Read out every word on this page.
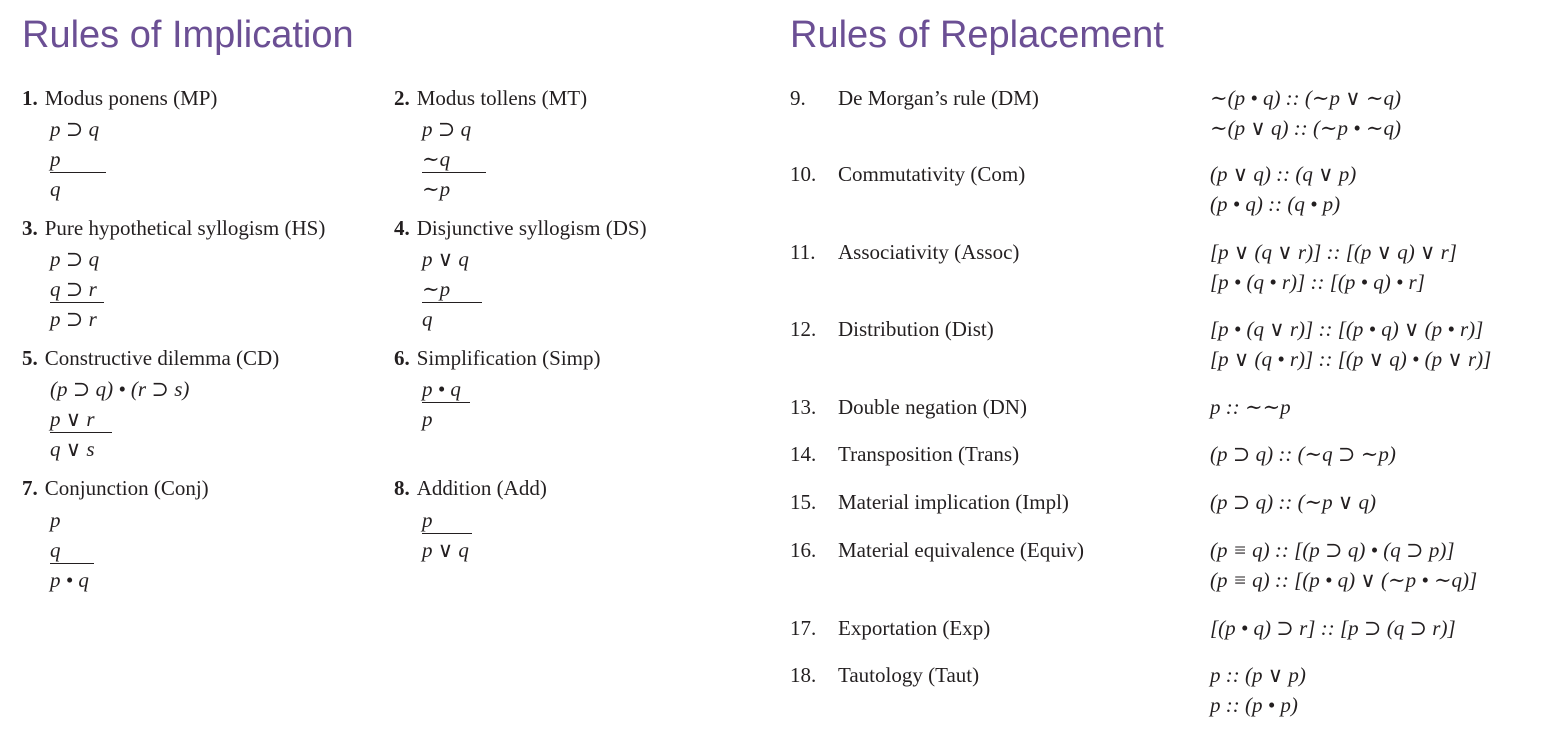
Rules of Implication
1. Modus ponens (MP)
p ⊃ q
p
q
2. Modus tollens (MT)
p ⊃ q
∼q
∼p
3. Pure hypothetical syllogism (HS)
p ⊃ q
q ⊃ r
p ⊃ r
4. Disjunctive syllogism (DS)
p ∨ q
∼p
q
5. Constructive dilemma (CD)
(p ⊃ q) • (r ⊃ s)
p ∨ r
q ∨ s
6. Simplification (Simp)
p • q
p
7. Conjunction (Conj)
p
q
p • q
8. Addition (Add)
p
p ∨ q
Rules of Replacement
9. De Morgan’s rule (DM)	∼(p • q) :: (∼p ∨ ∼q)
∼(p ∨ q) :: (∼p • ∼q)
10. Commutativity (Com)	(p ∨ q) :: (q ∨ p)
(p • q) :: (q • p)
11. Associativity (Assoc)	[p ∨ (q ∨ r)] :: [(p ∨ q) ∨ r]
[p • (q • r)] :: [(p • q) • r]
12. Distribution (Dist)	[p • (q ∨ r)] :: [(p • q) ∨ (p • r)]
[p ∨ (q • r)] :: [(p ∨ q) • (p ∨ r)]
13. Double negation (DN)	p :: ∼∼p
14. Transposition (Trans)	(p ⊃ q) :: (∼q ⊃ ∼p)
15. Material implication (Impl)	(p ⊃ q) :: (∼p ∨ q)
16. Material equivalence (Equiv)	(p ≡ q) :: [(p ⊃ q) • (q ⊃ p)]
(p ≡ q) :: [(p • q) ∨ (∼p • ∼q)]
17. Exportation (Exp)	[(p • q) ⊃ r] :: [p ⊃ (q ⊃ r)]
18. Tautology (Taut)	p :: (p ∨ p)
p :: (p • p)
